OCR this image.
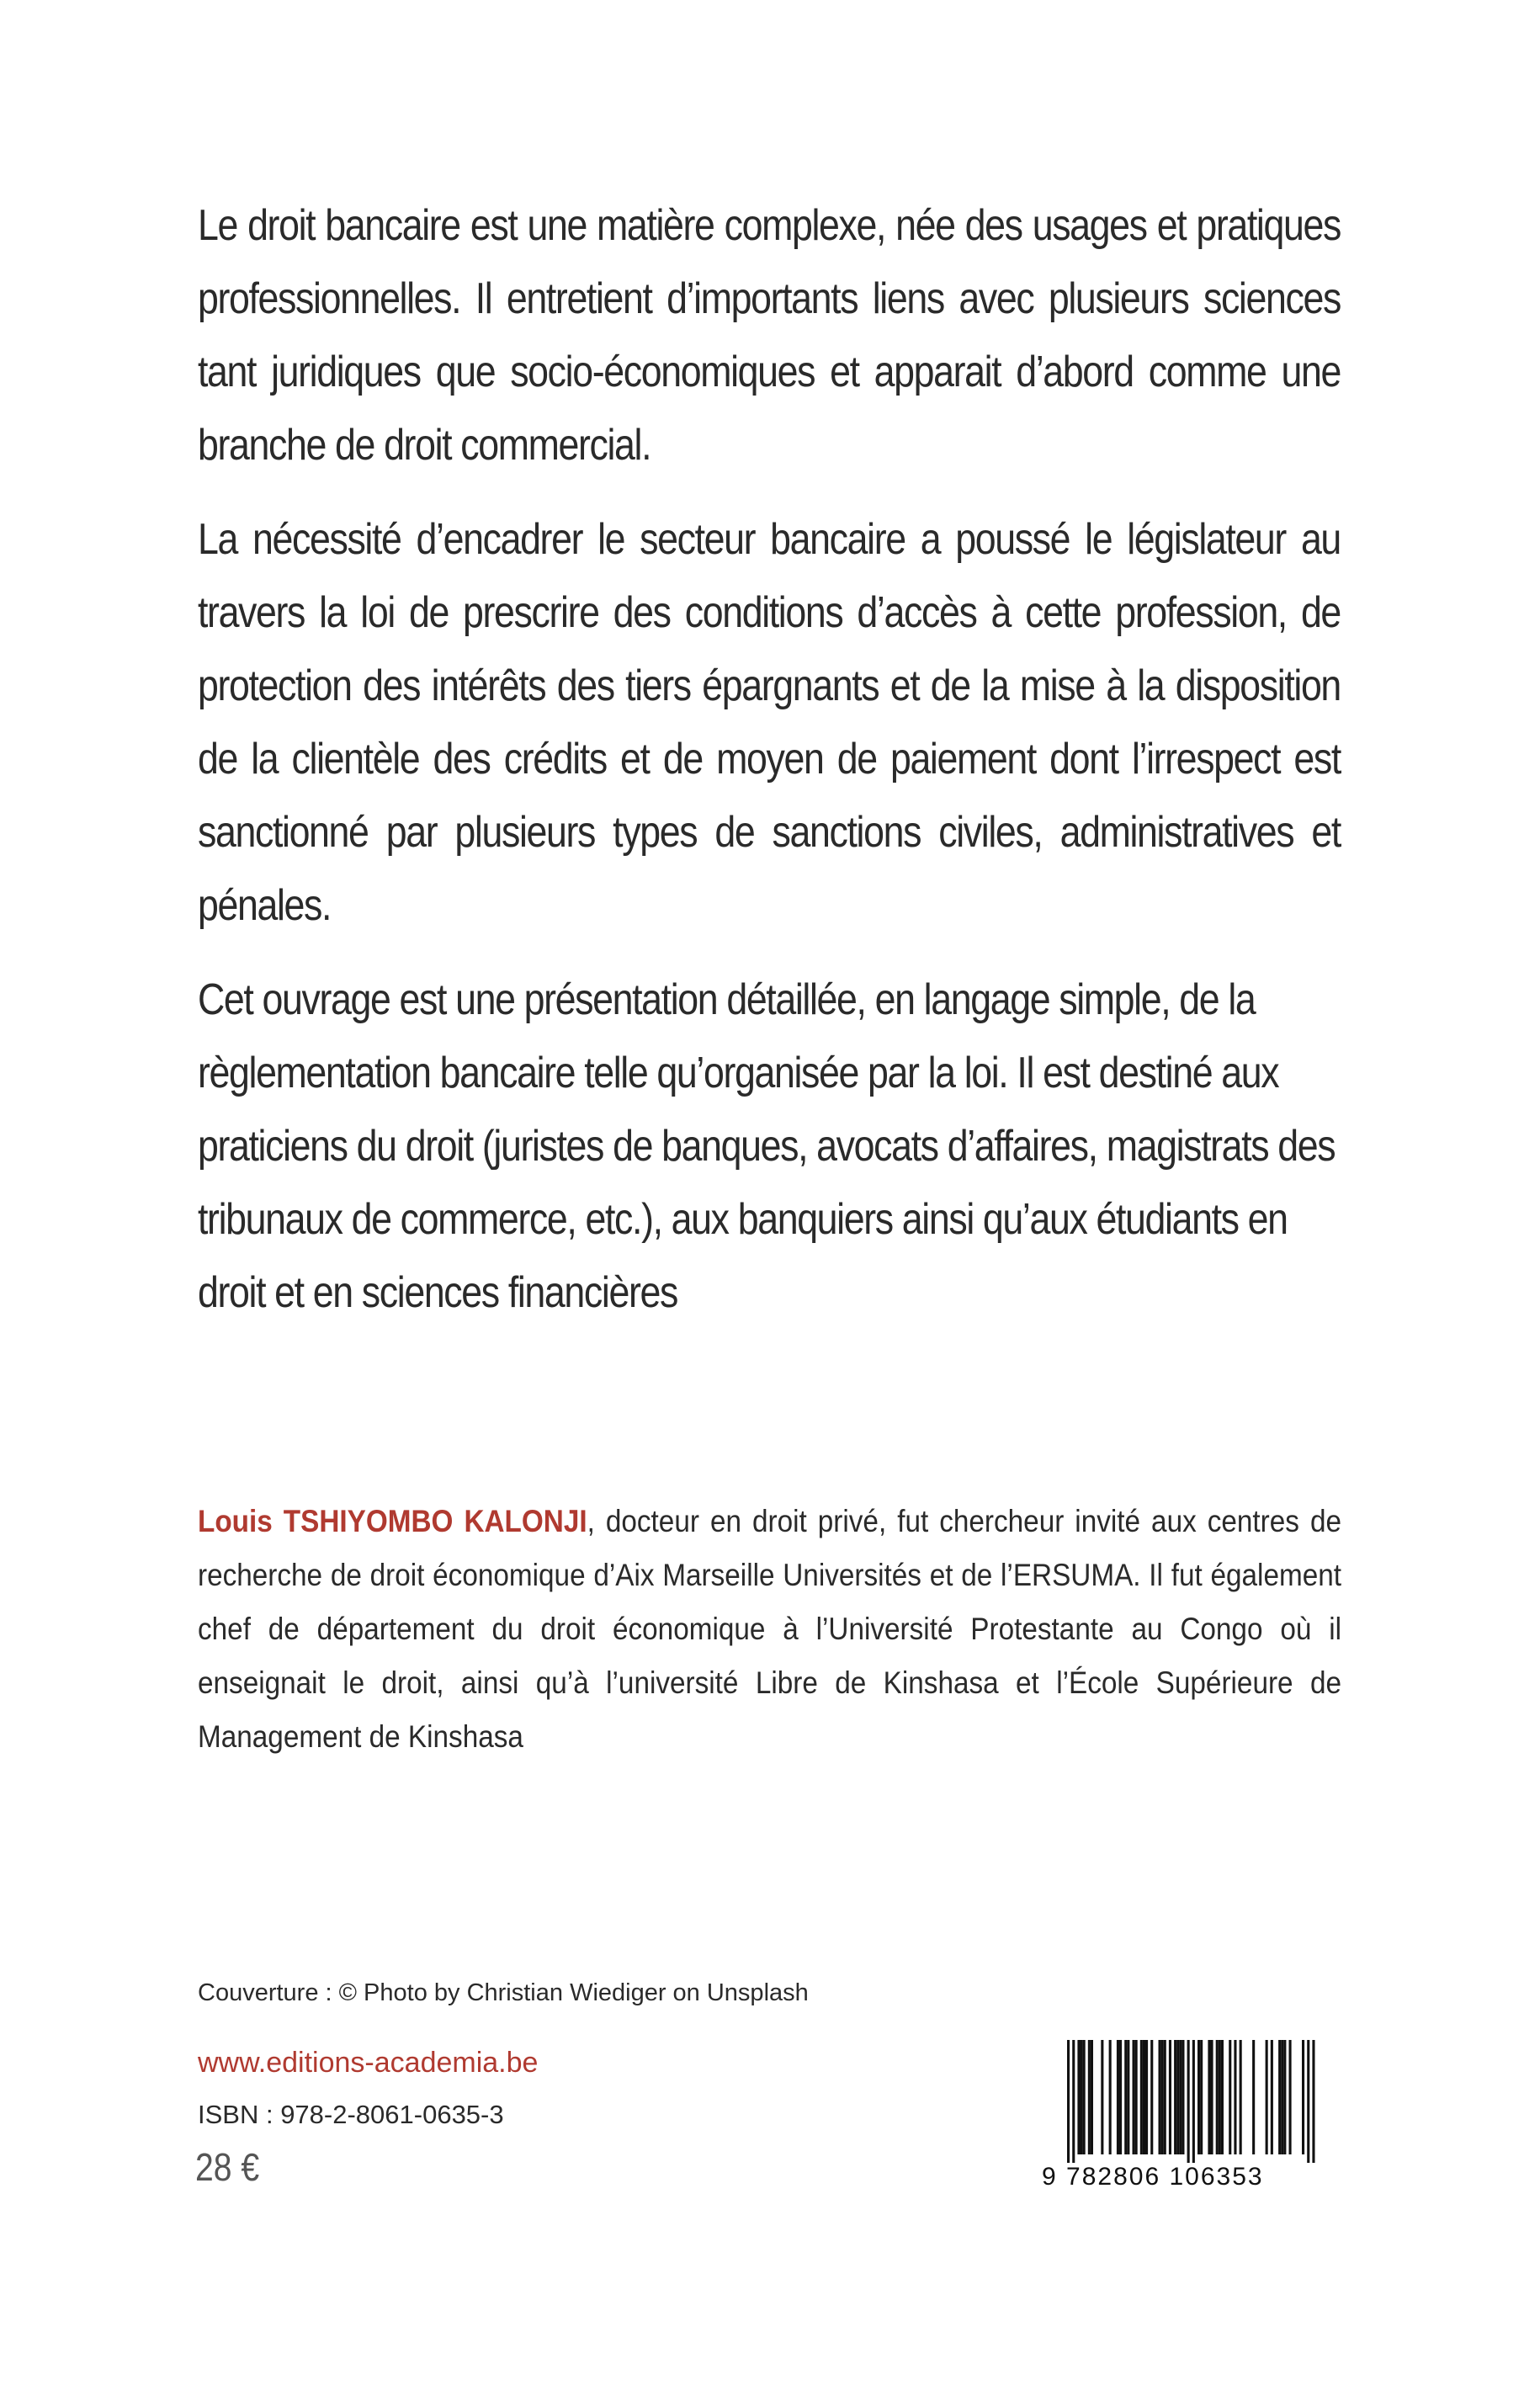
Le droit bancaire est une matière complexe, née des usages et pratiques professionnelles. Il entretient d’importants liens avec plusieurs sciences tant juridiques que socio-économiques et apparait d’abord comme une branche de droit commercial.

La nécessité d’encadrer le secteur bancaire a poussé le législateur au travers la loi de prescrire des conditions d’accès à cette profession, de protection des intérêts des tiers épargnants et de la mise à la disposition de la clientèle des crédits et de moyen de paiement dont l’irrespect est sanctionné par plusieurs types de sanctions civiles, administratives et pénales.

Cet ouvrage est une présentation détaillée, en langage simple, de la règlementation bancaire telle qu’organisée par la loi. Il est destiné aux praticiens du droit (juristes de banques, avocats d’affaires, magistrats des tribunaux de commerce, etc.), aux banquiers ainsi qu’aux étudiants en droit et en sciences financières

Louis TSHIYOMBO KALONJI, docteur en droit privé, fut chercheur invité aux centres de recherche de droit économique d’Aix Marseille Universités et de l’ERSUMA. Il fut également chef de département du droit économique à l’Université Protestante au Congo où il enseignait le droit, ainsi qu’à l’université Libre de Kinshasa et l’École Supérieure de Management de Kinshasa

Couverture : © Photo by Christian Wiediger on Unsplash

www.editions-academia.be

ISBN : 978-2-8061-0635-3

28 €	9 782806 106353
